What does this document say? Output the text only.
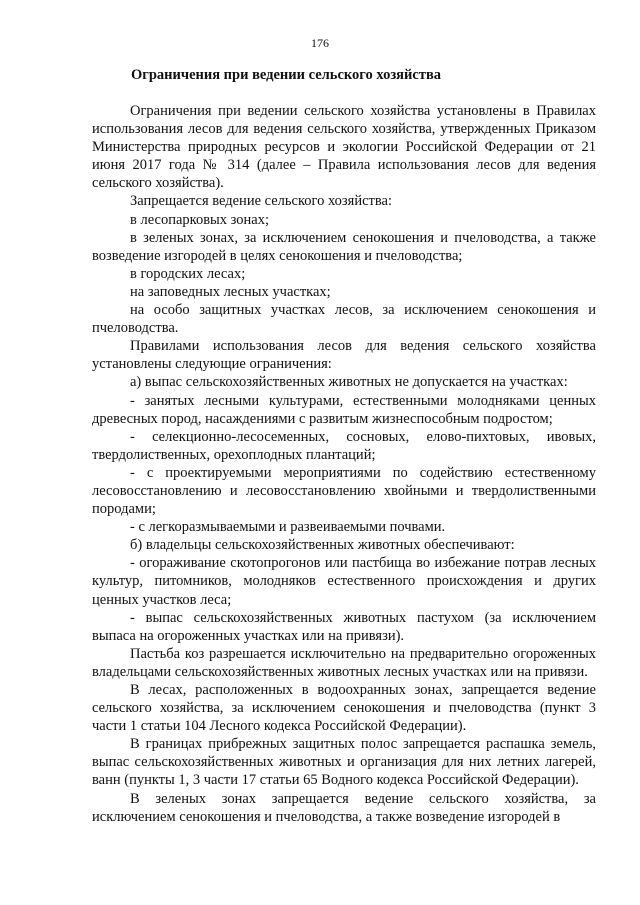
176
Ограничения при ведении сельского хозяйства

Ограничения при ведении сельского хозяйства установлены в Правилах использования лесов для ведения сельского хозяйства, утвержденных Приказом Министерства природных ресурсов и экологии Российской Федерации от 21 июня 2017 года № 314 (далее – Правила использования лесов для ведения сельского хозяйства).

Запрещается ведение сельского хозяйства:

в лесопарковых зонах;

в зеленых зонах, за исключением сенокошения и пчеловодства, а также возведение изгородей в целях сенокошения и пчеловодства;

в городских лесах;

на заповедных лесных участках;

на особо защитных участках лесов, за исключением сенокошения и пчеловодства.

Правилами использования лесов для ведения сельского хозяйства установлены следующие ограничения:

а) выпас сельскохозяйственных животных не допускается на участках:

- занятых лесными культурами, естественными молодняками ценных древесных пород, насаждениями с развитым жизнеспособным подростом;

- селекционно-лесосеменных, сосновых, елово-пихтовых, ивовых, твердолиственных, орехоплодных плантаций;

- с проектируемыми мероприятиями по содействию естественному лесовосстановлению и лесовосстановлению хвойными и твердолиственными породами;

- с легкоразмываемыми и развеиваемыми почвами.

б) владельцы сельскохозяйственных животных обеспечивают:

- огораживание скотопрогонов или пастбища во избежание потрав лесных культур, питомников, молодняков естественного происхождения и других ценных участков леса;

- выпас сельскохозяйственных животных пастухом (за исключением выпаса на огороженных участках или на привязи).

Пастьба коз разрешается исключительно на предварительно огороженных владельцами сельскохозяйственных животных лесных участках или на привязи.

В лесах, расположенных в водоохранных зонах, запрещается ведение сельского хозяйства, за исключением сенокошения и пчеловодства (пункт 3 части 1 статьи 104 Лесного кодекса Российской Федерации).

В границах прибрежных защитных полос запрещается распашка земель, выпас сельскохозяйственных животных и организация для них летних лагерей, ванн (пункты 1, 3 части 17 статьи 65 Водного кодекса Российской Федерации).

В зеленых зонах запрещается ведение сельского хозяйства, за исключением сенокошения и пчеловодства, а также возведение изгородей в
